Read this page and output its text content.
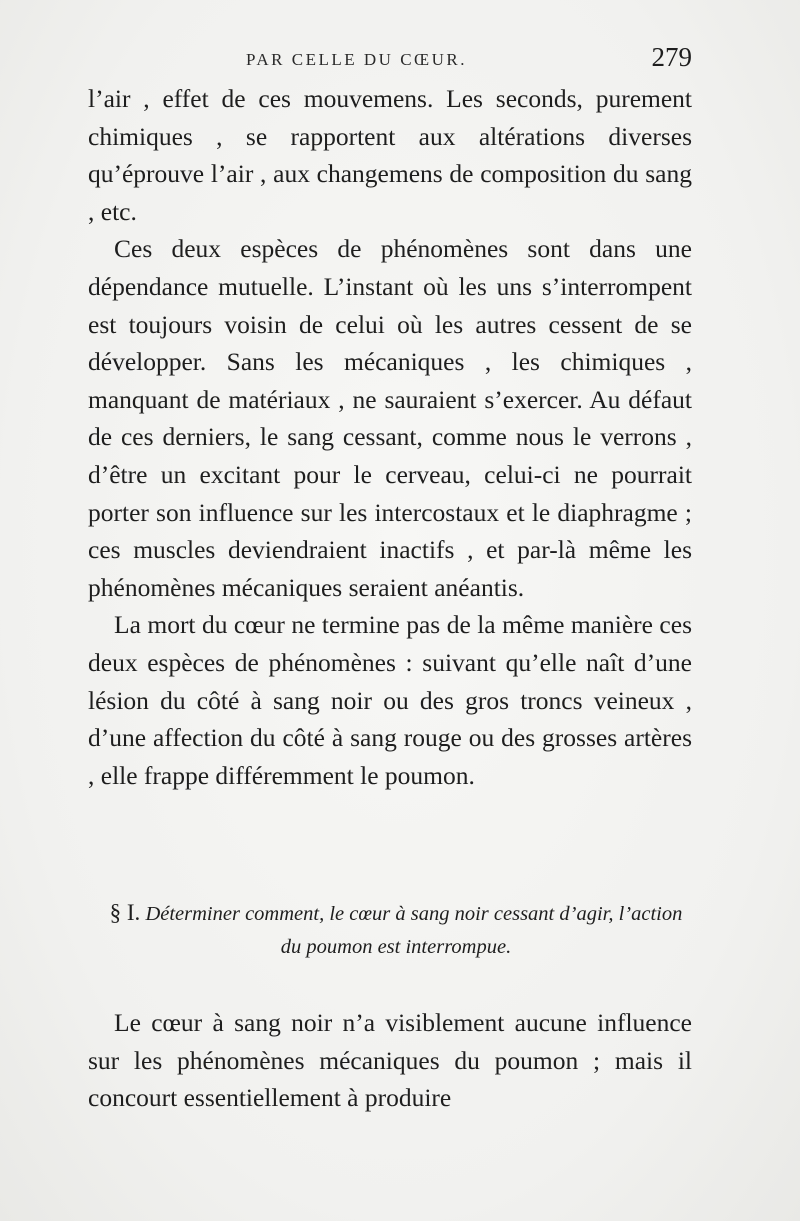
PAR CELLE DU CŒUR.	279

l’air , effet de ces mouvemens. Les seconds, purement chimiques , se rapportent aux altérations diverses qu’éprouve l’air , aux changemens de composition du sang , etc.

Ces deux espèces de phénomènes sont dans une dépendance mutuelle. L’instant où les uns s’interrompent est toujours voisin de celui où les autres cessent de se développer. Sans les mécaniques , les chimiques , manquant de matériaux , ne sauraient s’exercer. Au défaut de ces derniers, le sang cessant, comme nous le verrons , d’être un excitant pour le cerveau, celui-ci ne pourrait porter son influence sur les intercostaux et le diaphragme ; ces muscles deviendraient inactifs , et par-là même les phénomènes mécaniques seraient anéantis.

La mort du cœur ne termine pas de la même manière ces deux espèces de phénomènes : suivant qu’elle naît d’une lésion du côté à sang noir ou des gros troncs veineux , d’une affection du côté à sang rouge ou des grosses artères , elle frappe différemment le poumon.

§ I. Déterminer comment, le cœur à sang noir cessant d’agir, l’action du poumon est interrompue.

Le cœur à sang noir n’a visiblement aucune influence sur les phénomènes mécaniques du poumon ; mais il concourt essentiellement à produire
